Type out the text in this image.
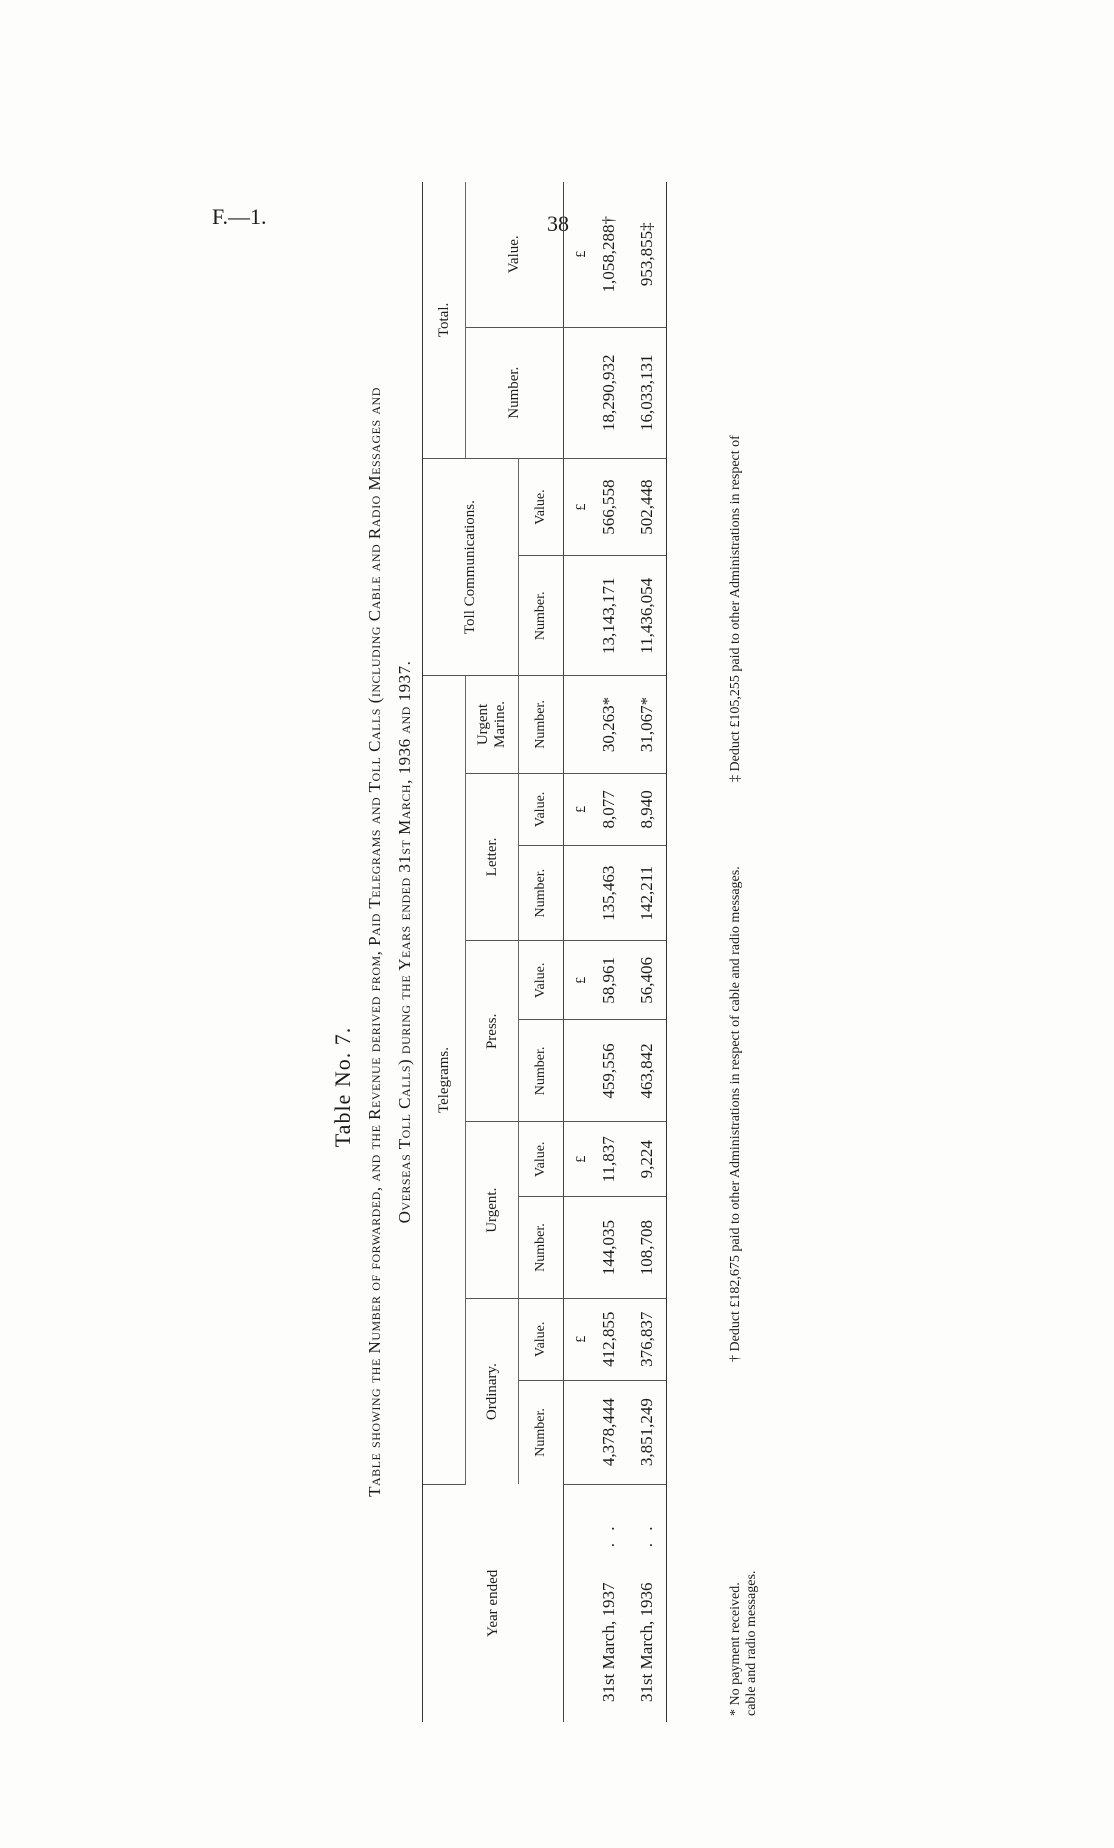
F.—1.	38
Table No. 7. Table showing the Number of forwarded, and the Revenue derived from, Paid Telegrams and Toll Calls (including Cable and Radio Messages and Overseas Toll Calls) during the Years ended 31st March, 1936 and 1937.
Year ended	Telegrams.									Toll Communications.		Total.	
	Ordinary.		Urgent.		Press.		Letter.		Urgent Marine.			Number.	Value.
	Number.	Value.	Number.	Value.	Number.	Value.	Number.	Value.	Number.	Number.	Value.		
		£		£		£		£			£		£
31st March, 1937. .	4,378,444	412,855	144,035	11,837	459,556	58,961	135,463	8,077	30,263*	13,143,171	566,558	18,290,932	1,058,288†
31st March, 1936. .	3,851,249	376,837	108,708	9,224	463,842	56,406	142,211	8,940	31,067*	11,436,054	502,448	16,033,131	953,855‡
* No payment received. cable and radio messages.
† Deduct £182,675 paid to other Administrations in respect of cable and radio messages.
‡ Deduct £105,255 paid to other Administrations in respect of
